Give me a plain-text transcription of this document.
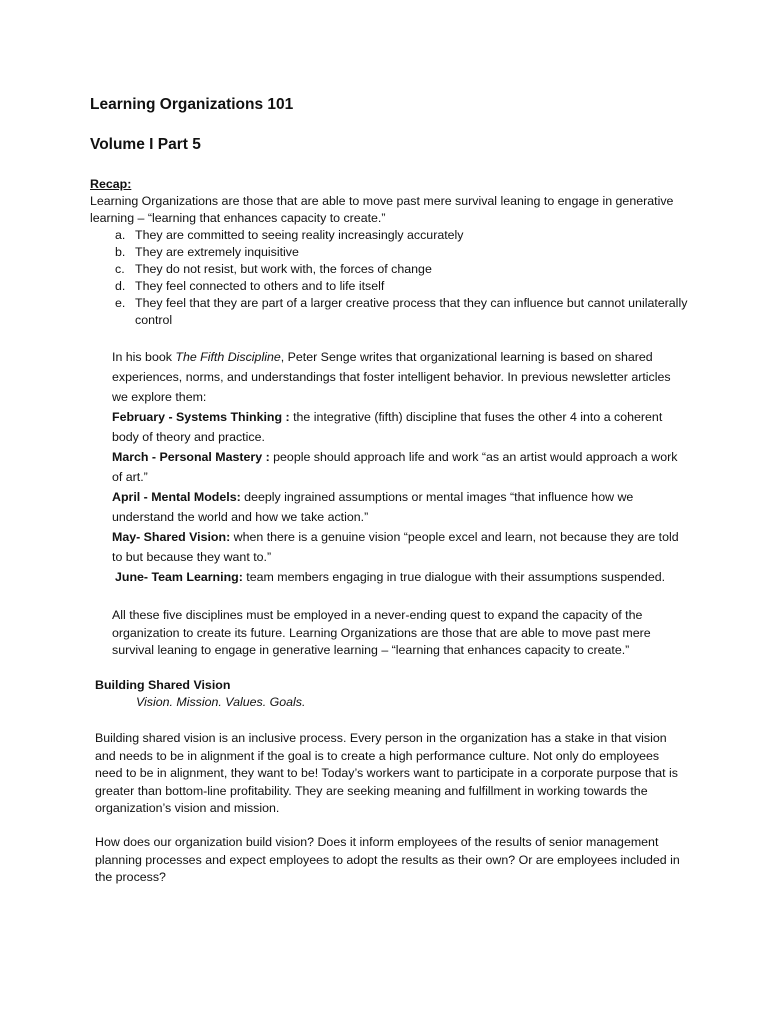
Learning Organizations 101
Volume I Part 5
Recap:
Learning Organizations are those that are able to move past mere survival leaning to engage in generative learning – “learning that enhances capacity to create.”
a. They are committed to seeing reality increasingly accurately
b. They are extremely inquisitive
c. They do not resist, but work with, the forces of change
d. They feel connected to others and to life itself
e. They feel that they are part of a larger creative process that they can influence but cannot unilaterally control

In his book The Fifth Discipline, Peter Senge writes that organizational learning is based on shared experiences, norms, and understandings that foster intelligent behavior. In previous newsletter articles we explore them:

February - Systems Thinking : the integrative (fifth) discipline that fuses the other 4 into a coherent body of theory and practice.

March - Personal Mastery : people should approach life and work “as an artist would approach a work of art.”

April - Mental Models: deeply ingrained assumptions or mental images “that influence how we understand the world and how we take action.”

May- Shared Vision: when there is a genuine vision “people excel and learn, not because they are told to but because they want to.”

June- Team Learning: team members engaging in true dialogue with their assumptions suspended.

All these five disciplines must be employed in a never-ending quest to expand the capacity of the organization to create its future. Learning Organizations are those that are able to move past mere survival leaning to engage in generative learning – “learning that enhances capacity to create.”

Building Shared Vision
Vision. Mission. Values. Goals.

Building shared vision is an inclusive process. Every person in the organization has a stake in that vision and needs to be in alignment if the goal is to create a high performance culture. Not only do employees need to be in alignment, they want to be! Today’s workers want to participate in a corporate purpose that is greater than bottom-line profitability. They are seeking meaning and fulfillment in working towards the organization’s vision and mission.

How does our organization build vision? Does it inform employees of the results of senior management planning processes and expect employees to adopt the results as their own? Or are employees included in the process?
